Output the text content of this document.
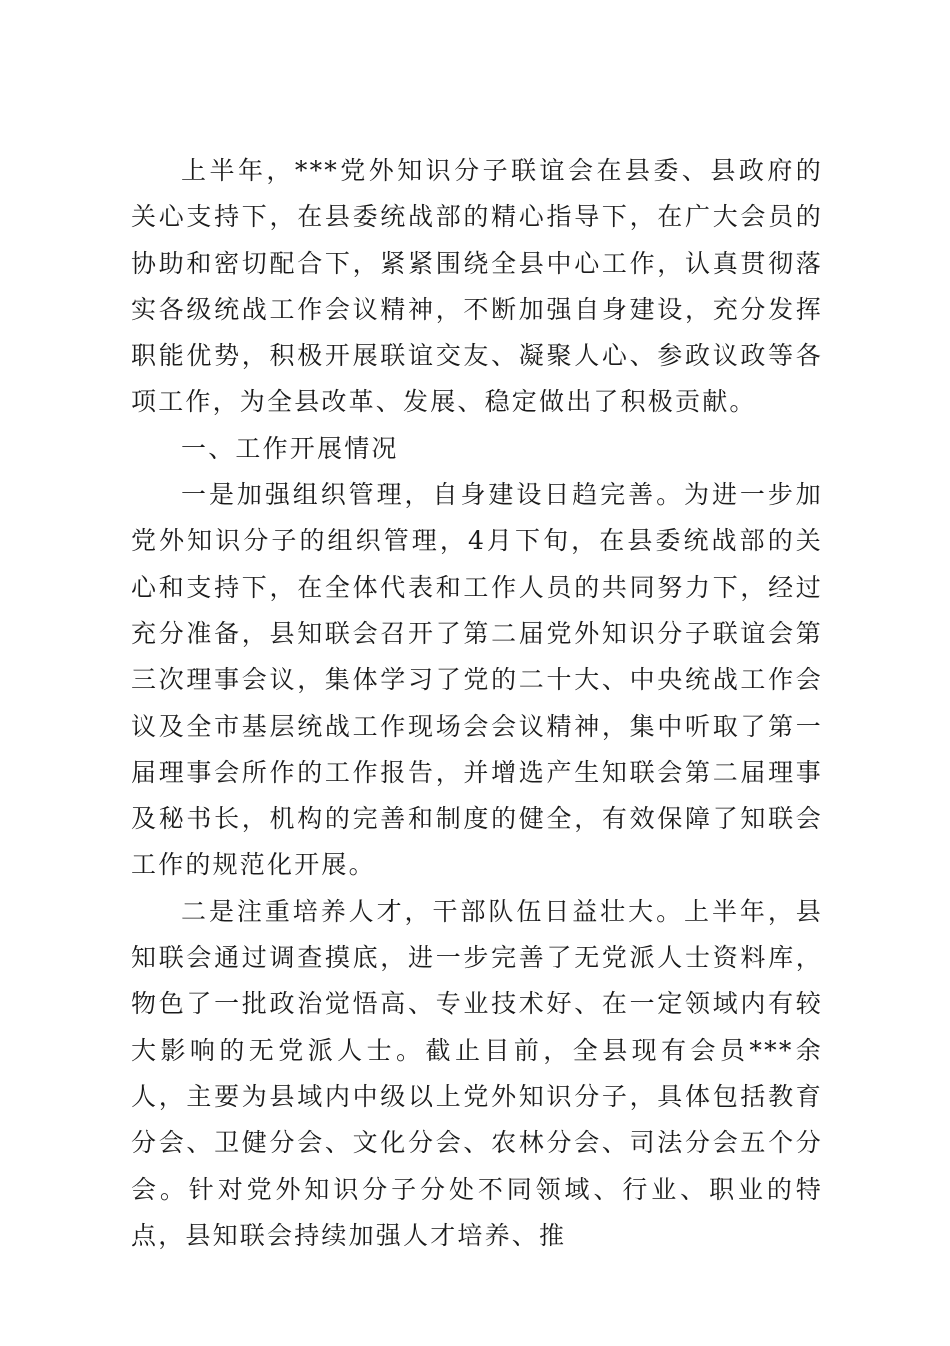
上半年，***党外知识分子联谊会在县委、县政府的关心支持下，在县委统战部的精心指导下，在广大会员的协助和密切配合下，紧紧围绕全县中心工作，认真贯彻落实各级统战工作会议精神，不断加强自身建设，充分发挥职能优势，积极开展联谊交友、凝聚人心、参政议政等各项工作，为全县改革、发展、稳定做出了积极贡献。

一、工作开展情况

一是加强组织管理，自身建设日趋完善。为进一步加党外知识分子的组织管理，4月下旬，在县委统战部的关心和支持下，在全体代表和工作人员的共同努力下，经过充分准备，县知联会召开了第二届党外知识分子联谊会第三次理事会议，集体学习了党的二十大、中央统战工作会议及全市基层统战工作现场会会议精神，集中听取了第一届理事会所作的工作报告，并增选产生知联会第二届理事及秘书长，机构的完善和制度的健全，有效保障了知联会工作的规范化开展。

二是注重培养人才，干部队伍日益壮大。上半年，县知联会通过调查摸底，进一步完善了无党派人士资料库，物色了一批政治觉悟高、专业技术好、在一定领域内有较大影响的无党派人士。截止目前，全县现有会员***余人，主要为县域内中级以上党外知识分子，具体包括教育分会、卫健分会、文化分会、农林分会、司法分会五个分会。针对党外知识分子分处不同领域、行业、职业的特点，县知联会持续加强人才培养、推
